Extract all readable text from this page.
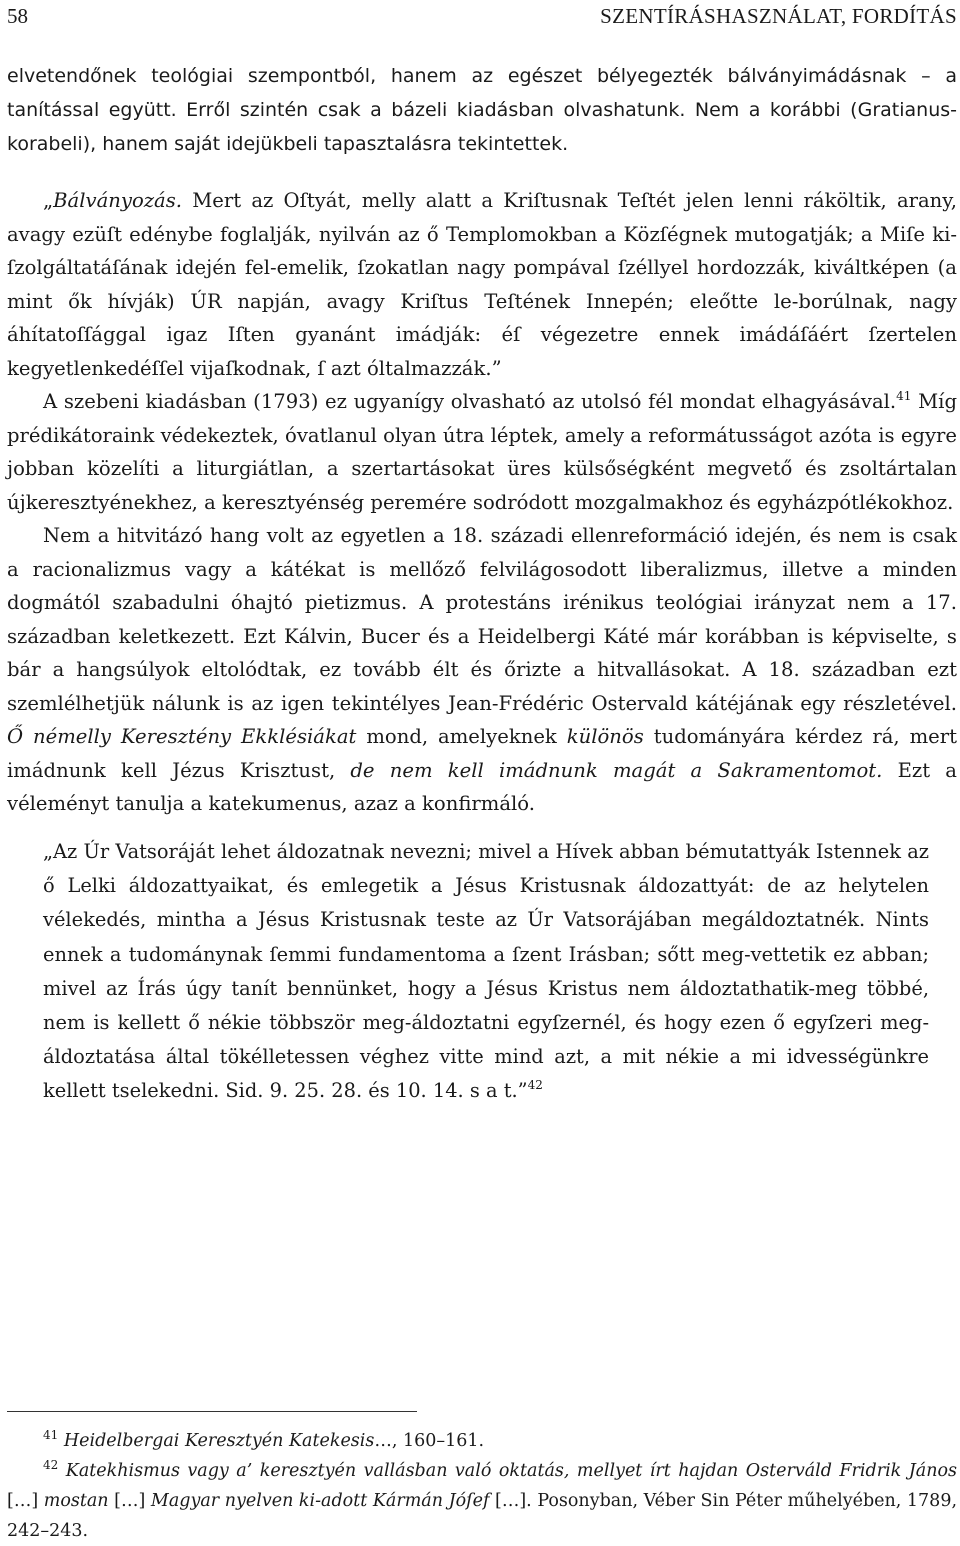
58	SZENTÍRÁSHASZNÁLAT, FORDÍTÁS

elvetendőnek teológiai szempontból, hanem az egészet bélyegezték bálványimádásnak – a tanítással együtt. Erről szintén csak a bázeli kiadásban olvashatunk. Nem a korábbi (Gratianus-korabeli), hanem saját idejükbeli tapasztalásra tekintettek.

„Bálványozás. Mert az Oſtyát, melly alatt a Kriſtusnak Teſtét jelen lenni ráköltik, arany, avagy ezüſt edénybe foglalják, nyilván az ő Templomokban a Közſégnek mutogatják; a Miſe ki-ſzolgáltatáſának idején fel-emelik, ſzokatlan nagy pompával ſzéllyel hordozzák, kiváltképen (a mint ők hívják) ÚR napján, avagy Kriſtus Teſtének Innepén; eleőtte le-borúlnak, nagy áhítatoſſággal igaz Iſten gyanánt imádják: éſ végezetre ennek imádáſáért ſzertelen kegyetlenkedéſſel vijaſkodnak, ſ azt óltalmazzák.”

A szebeni kiadásban (1793) ez ugyanígy olvasható az utolsó fél mondat elhagyásával.$^{41}$ Míg prédikátoraink védekeztek, óvatlanul olyan útra léptek, amely a reformátusságot azóta is egyre jobban közelíti a liturgiátlan, a szertartásokat üres külsőségként megvető és zsoltártalan újkeresztyénekhez, a keresztyénség peremére sodródott mozgalmakhoz és egyházpótlékokhoz.

Nem a hitvitázó hang volt az egyetlen a 18. századi ellenreformáció idején, és nem is csak a racionalizmus vagy a kátékat is mellőző felvilágosodott liberalizmus, illetve a minden dogmától szabadulni óhajtó pietizmus. A protestáns irénikus teológiai irányzat nem a 17. században keletkezett. Ezt Kálvin, Bucer és a Heidelbergi Káté már korábban is képviselte, s bár a hangsúlyok eltolódtak, ez tovább élt és őrizte a hitvallásokat. A 18. században ezt szemlélhetjük nálunk is az igen tekintélyes Jean-Frédéric Ostervald kátéjának egy részletével. Ő némelly Keresztény Ekklésiákat mond, amelyeknek különös tudományára kérdez rá, mert imádnunk kell Jézus Krisztust, de nem kell imádnunk magát a Sakramentomot. Ezt a véleményt tanulja a katekumenus, azaz a konfirmáló.

„Az Úr Vatsoráját lehet áldozatnak nevezni; mivel a Hívek abban bémutattyák Istennek az ő Lelki áldozattyaikat, és emlegetik a Jésus Kristusnak áldozattyát: de az helytelen vélekedés, mintha a Jésus Kristusnak teste az Úr Vatsorájában megáldoztatnék. Nints ennek a tudománynak ſemmi fundamentoma a ſzent Irásban; sőtt meg-vettetik ez abban; mivel az Írás úgy tanít bennünket, hogy a Jésus Kristus nem áldoztathatik-meg többé, nem is kellett ő nékie többször meg-áldoztatni egyſzernél, és hogy ezen ő egyſzeri meg-áldoztatása által tökélletessen véghez vitte mind azt, a mit nékie a mi idvességünkre kellett tselekedni. Sid. 9. 25. 28. és 10. 14. s a t.”$^{42}$

$^{41}$ Heidelbergai Keresztyén Katekesis…, 160–161.

$^{42}$ Katekhismus vagy a’ keresztyén vallásban való oktatás, mellyet írt hajdan Osterváld Fridrik János […] mostan […] Magyar nyelven ki-adott Kármán Jóſef […]. Posonyban, Véber Sin Péter műhelyében, 1789, 242–243.
